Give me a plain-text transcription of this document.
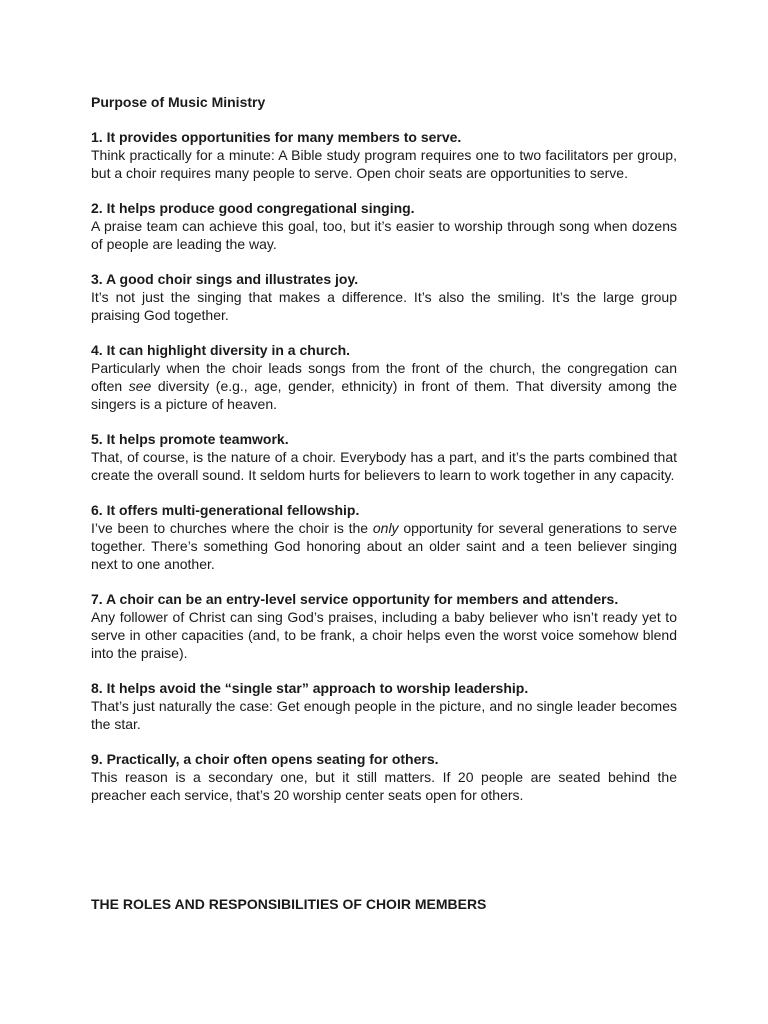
Purpose of Music Ministry

1. It provides opportunities for many members to serve.

Think practically for a minute: A Bible study program requires one to two facilitators per group, but a choir requires many people to serve. Open choir seats are opportunities to serve.

2. It helps produce good congregational singing.

A praise team can achieve this goal, too, but it’s easier to worship through song when dozens of people are leading the way.

3. A good choir sings and illustrates joy.

It’s not just the singing that makes a difference. It’s also the smiling. It’s the large group praising God together.

4. It can highlight diversity in a church.

Particularly when the choir leads songs from the front of the church, the congregation can often see diversity (e.g., age, gender, ethnicity) in front of them. That diversity among the singers is a picture of heaven.

5. It helps promote teamwork.

That, of course, is the nature of a choir. Everybody has a part, and it’s the parts combined that create the overall sound. It seldom hurts for believers to learn to work together in any capacity.

6. It offers multi-generational fellowship.

I’ve been to churches where the choir is the only opportunity for several generations to serve together. There’s something God honoring about an older saint and a teen believer singing next to one another.

7. A choir can be an entry-level service opportunity for members and attenders.

Any follower of Christ can sing God’s praises, including a baby believer who isn’t ready yet to serve in other capacities (and, to be frank, a choir helps even the worst voice somehow blend into the praise).

8. It helps avoid the “single star” approach to worship leadership.

That’s just naturally the case: Get enough people in the picture, and no single leader becomes the star.

9. Practically, a choir often opens seating for others.

This reason is a secondary one, but it still matters. If 20 people are seated behind the preacher each service, that’s 20 worship center seats open for others.

THE ROLES AND RESPONSIBILITIES OF CHOIR MEMBERS
